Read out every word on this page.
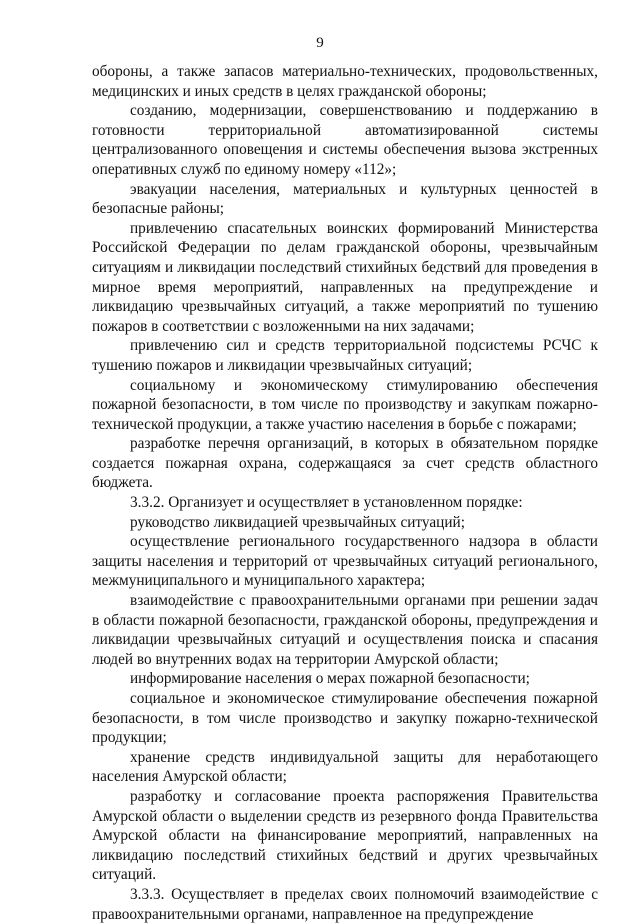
9

обороны, а также запасов материально-технических, продовольственных, медицинских и иных средств в целях гражданской обороны;

созданию, модернизации, совершенствованию и поддержанию в готовности территориальной автоматизированной системы централизованного оповещения и системы обеспечения вызова экстренных оперативных служб по единому номеру «112»;

эвакуации населения, материальных и культурных ценностей в безопасные районы;

привлечению спасательных воинских формирований Министерства Российской Федерации по делам гражданской обороны, чрезвычайным ситуациям и ликвидации последствий стихийных бедствий для проведения в мирное время мероприятий, направленных на предупреждение и ликвидацию чрезвычайных ситуаций, а также мероприятий по тушению пожаров в соответствии с возложенными на них задачами;

привлечению сил и средств территориальной подсистемы РСЧС к тушению пожаров и ликвидации чрезвычайных ситуаций;

социальному и экономическому стимулированию обеспечения пожарной безопасности, в том числе по производству и закупкам пожарно-технической продукции, а также участию населения в борьбе с пожарами;

разработке перечня организаций, в которых в обязательном порядке создается пожарная охрана, содержащаяся за счет средств областного бюджета.

3.3.2. Организует и осуществляет в установленном порядке:

руководство ликвидацией чрезвычайных ситуаций;

осуществление регионального государственного надзора в области защиты населения и территорий от чрезвычайных ситуаций регионального, межмуниципального и муниципального характера;

взаимодействие с правоохранительными органами при решении задач в области пожарной безопасности, гражданской обороны, предупреждения и ликвидации чрезвычайных ситуаций и осуществления поиска и спасания людей во внутренних водах на территории Амурской области;

информирование населения о мерах пожарной безопасности;

социальное и экономическое стимулирование обеспечения пожарной безопасности, в том числе производство и закупку пожарно-технической продукции;

хранение средств индивидуальной защиты для неработающего населения Амурской области;

разработку и согласование проекта распоряжения Правительства Амурской области о выделении средств из резервного фонда Правительства Амурской области на финансирование мероприятий, направленных на ликвидацию последствий стихийных бедствий и других чрезвычайных ситуаций.

3.3.3. Осуществляет в пределах своих полномочий взаимодействие с правоохранительными органами, направленное на предупреждение
